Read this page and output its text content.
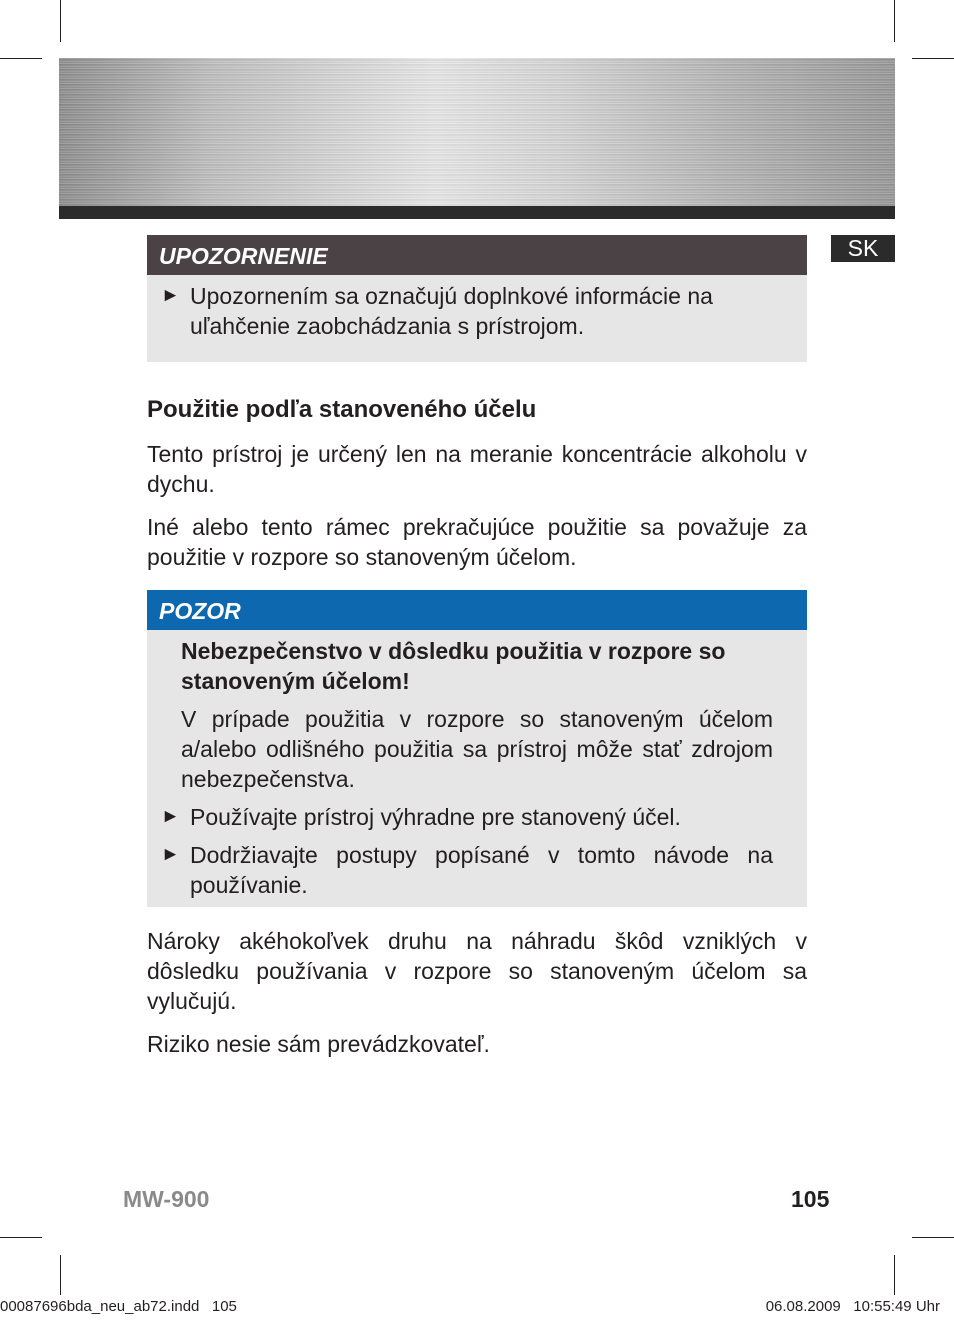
SK
UPOZORNENIE
► Upozornením sa označujú doplnkové informácie na uľahčenie zaobchádzania s prístrojom.
Použitie podľa stanoveného účelu

Tento prístroj je určený len na meranie koncentrácie alkoholu v dychu.

Iné alebo tento rámec prekračujúce použitie sa považuje za použitie v rozpore so stanoveným účelom.

POZOR
Nebezpečenstvo v dôsledku použitia v rozpore so stanoveným účelom!
V prípade použitia v rozpore so stanoveným účelom a/alebo odlišného použitia sa prístroj môže stať zdrojom nebezpečenstva.
► Používajte prístroj výhradne pre stanovený účel.
► Dodržiavajte postupy popísané v tomto návode na používanie.

Nároky akéhokoľvek druhu na náhradu škôd vzniklých v dôsledku používania v rozpore so stanoveným účelom sa vylučujú.

Riziko nesie sám prevádzkovateľ.

MW-900	105
00087696bda_neu_ab72.indd   105	06.08.2009   10:55:49 Uhr
